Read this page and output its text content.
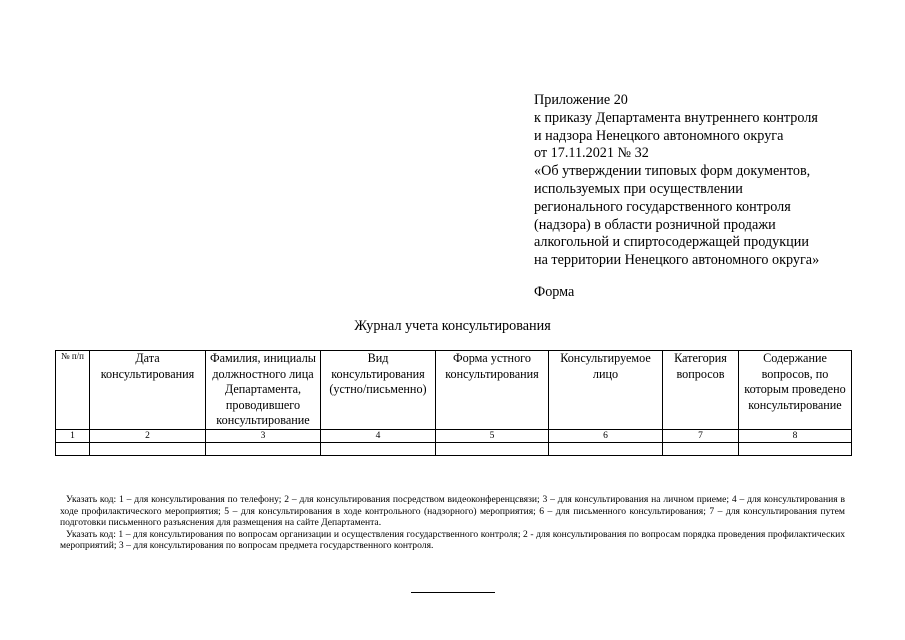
Приложение 20
к приказу Департамента внутреннего контроля
и надзора Ненецкого автономного округа
от 17.11.2021 № 32
«Об утверждении типовых форм документов,
используемых при осуществлении
регионального государственного контроля
(надзора) в области розничной продажи
алкогольной и спиртосодержащей продукции
на территории Ненецкого автономного округа»
Форма
Журнал учета консультирования
№ п/п	Дата консультирования	Фамилия, инициалы должностного лица Департамента, проводившего консультирование	Вид консультирования (устно/письменно)	Форма устного консультирования	Консультируемое лицо	Категория вопросов	Содержание вопросов, по которым проведено консультирование
1	2	3	4	5	6	7	8

Указать код: 1 – для консультирования по телефону; 2 – для консультирования посредством видеоконференцсвязи; 3 – для консультирования на личном приеме; 4 – для консультирования в ходе профилактического мероприятия; 5 – для консультирования в ходе контрольного (надзорного) мероприятия; 6 – для письменного консультирования; 7 – для консультирования путем подготовки письменного разъяснения для размещения на сайте Департамента.

Указать код: 1 – для консультирования по вопросам организации и осуществления государственного контроля; 2 - для консультирования по вопросам порядка проведения профилактических мероприятий; 3 – для консультирования по вопросам предмета государственного контроля.
